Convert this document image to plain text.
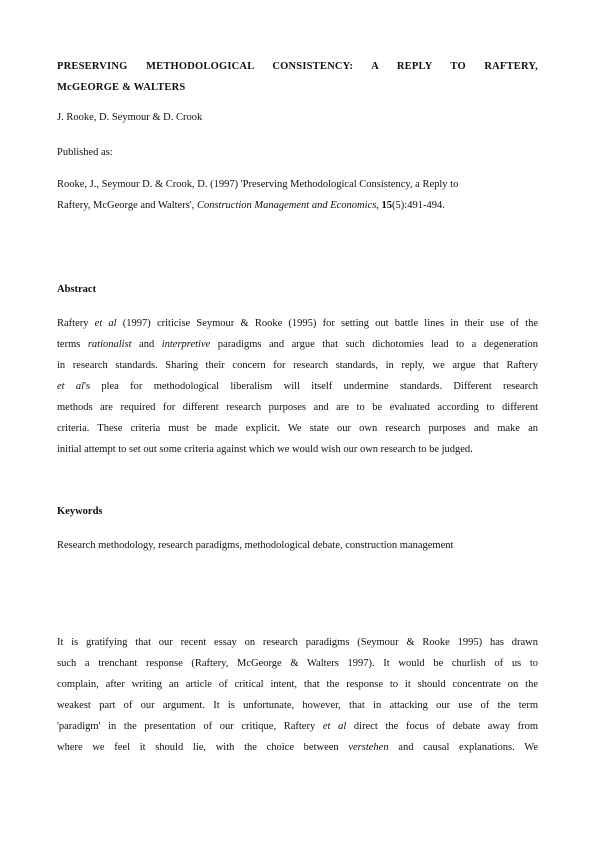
PRESERVING METHODOLOGICAL CONSISTENCY: A REPLY TO RAFTERY,
McGEORGE & WALTERS
J. Rooke, D. Seymour & D. Crook
Published as:
Rooke, J., Seymour D. & Crook, D. (1997) 'Preserving Methodological Consistency, a Reply to
Raftery, McGeorge and Walters', Construction Management and Economics, 15(5):491-494.
Abstract
Raftery et al (1997) criticise Seymour & Rooke (1995) for setting out battle lines in their use of the
terms rationalist and interpretive paradigms and argue that such dichotomies lead to a degeneration
in research standards. Sharing their concern for research standards, in reply, we argue that Raftery
et al's plea for methodological liberalism will itself undermine standards. Different research
methods are required for different research purposes and are to be evaluated according to different
criteria. These criteria must be made explicit. We state our own research purposes and make an
initial attempt to set out some criteria against which we would wish our own research to be judged.
Keywords
Research methodology, research paradigms, methodological debate, construction management
It is gratifying that our recent essay on research paradigms (Seymour & Rooke 1995) has drawn
such a trenchant response (Raftery, McGeorge & Walters 1997). It would be churlish of us to
complain, after writing an article of critical intent, that the response to it should concentrate on the
weakest part of our argument. It is unfortunate, however, that in attacking our use of the term
'paradigm' in the presentation of our critique, Raftery et al direct the focus of debate away from
where we feel it should lie, with the choice between verstehen and causal explanations. We
